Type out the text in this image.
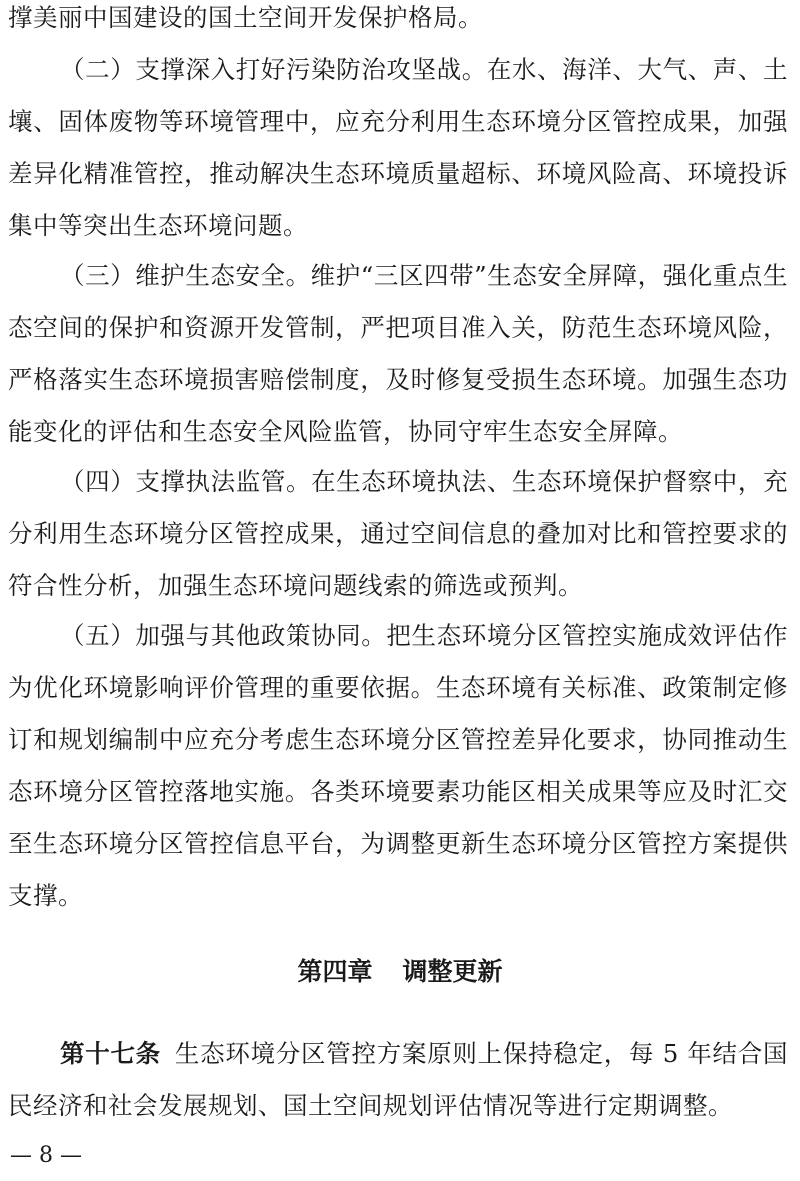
撑美丽中国建设的国土空间开发保护格局。

（二）支撑深入打好污染防治攻坚战。在水、海洋、大气、声、土壤、固体废物等环境管理中，应充分利用生态环境分区管控成果，加强差异化精准管控，推动解决生态环境质量超标、环境风险高、环境投诉集中等突出生态环境问题。

（三）维护生态安全。维护“三区四带”生态安全屏障，强化重点生态空间的保护和资源开发管制，严把项目准入关，防范生态环境风险，严格落实生态环境损害赔偿制度，及时修复受损生态环境。加强生态功能变化的评估和生态安全风险监管，协同守牢生态安全屏障。

（四）支撑执法监管。在生态环境执法、生态环境保护督察中，充分利用生态环境分区管控成果，通过空间信息的叠加对比和管控要求的符合性分析，加强生态环境问题线索的筛选或预判。

（五）加强与其他政策协同。把生态环境分区管控实施成效评估作为优化环境影响评价管理的重要依据。生态环境有关标准、政策制定修订和规划编制中应充分考虑生态环境分区管控差异化要求，协同推动生态环境分区管控落地实施。各类环境要素功能区相关成果等应及时汇交至生态环境分区管控信息平台，为调整更新生态环境分区管控方案提供支撑。

第四章 调整更新

第十七条 生态环境分区管控方案原则上保持稳定，每 5 年结合国民经济和社会发展规划、国土空间规划评估情况等进行定期调整。

— 8 —
